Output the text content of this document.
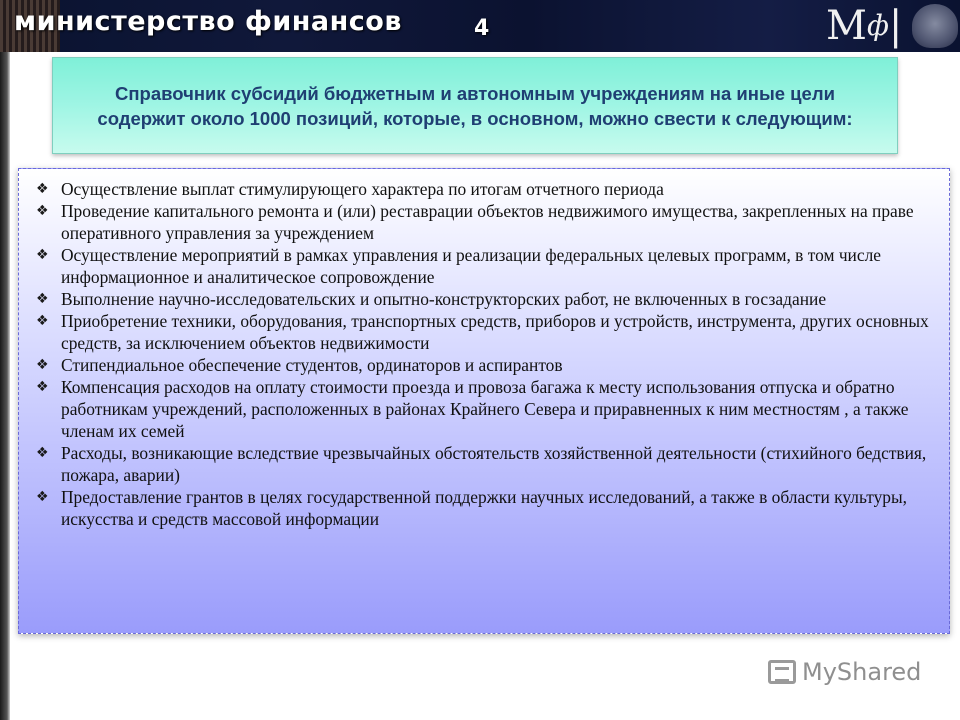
министерство финансов	4	$М^ф|$
Справочник субсидий бюджетным и автономным учреждениям на иные цели содержит около 1000 позиций, которые, в основном, можно свести к следующим:
❖ Осуществление выплат стимулирующего характера по итогам отчетного периода
❖ Проведение капитального ремонта и (или) реставрации объектов недвижимого имущества, закрепленных на праве оперативного управления за учреждением
❖ Осуществление мероприятий в рамках управления и реализации федеральных целевых программ, в том числе информационное и аналитическое сопровождение
❖ Выполнение научно-исследовательских и опытно-конструкторских работ, не включенных в госзадание
❖ Приобретение техники, оборудования, транспортных средств, приборов и устройств, инструмента, других основных средств, за исключением объектов недвижимости
❖ Стипендиальное обеспечение студентов, ординаторов и аспирантов
❖ Компенсация расходов на оплату стоимости проезда и провоза багажа к месту использования отпуска и обратно работникам учреждений, расположенных в районах Крайнего Севера и приравненных к ним местностям , а также членам их семей
❖ Расходы, возникающие вследствие чрезвычайных обстоятельств хозяйственной деятельности (стихийного бедствия, пожара, аварии)
❖ Предоставление грантов в целях государственной поддержки научных исследований, а также в области культуры, искусства и средств массовой информации
MyShared
